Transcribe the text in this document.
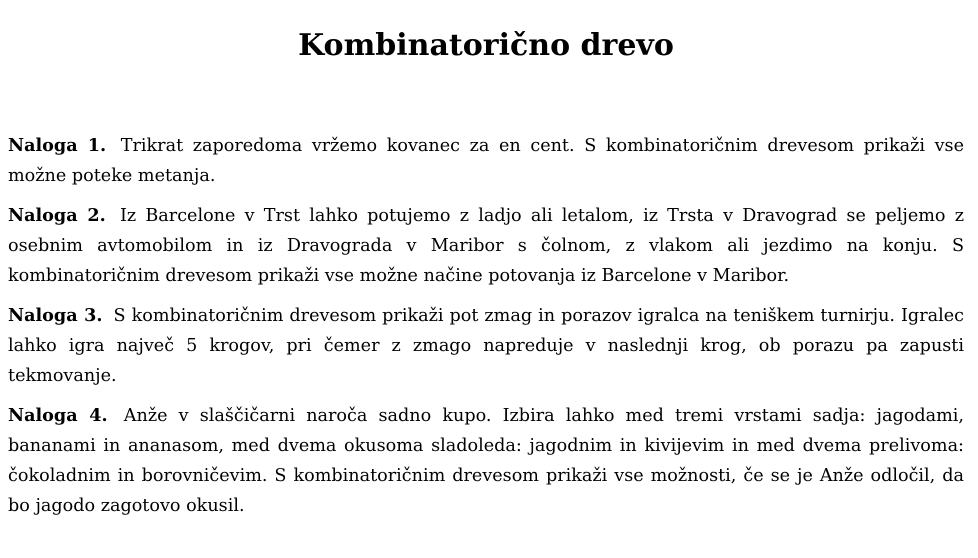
Kombinatorično drevo

Naloga 1. Trikrat zaporedoma vržemo kovanec za en cent. S kombinatoričnim drevesom prikaži vse možne poteke metanja.

Naloga 2. Iz Barcelone v Trst lahko potujemo z ladjo ali letalom, iz Trsta v Dravograd se peljemo z osebnim avtomobilom in iz Dravograda v Maribor s čolnom, z vlakom ali jezdimo na konju. S kombinatoričnim drevesom prikaži vse možne načine potovanja iz Barcelone v Maribor.

Naloga 3. S kombinatoričnim drevesom prikaži pot zmag in porazov igralca na teniškem turnirju. Igralec lahko igra največ 5 krogov, pri čemer z zmago napreduje v naslednji krog, ob porazu pa zapusti tekmovanje.

Naloga 4. Anže v slaščičarni naroča sadno kupo. Izbira lahko med tremi vrstami sadja: jagodami, bananami in ananasom, med dvema okusoma sladoleda: jagodnim in kivijevim in med dvema prelivoma: čokoladnim in borovničevim. S kombinatoričnim drevesom prikaži vse možnosti, če se je Anže odločil, da bo jagodo zagotovo okusil.
